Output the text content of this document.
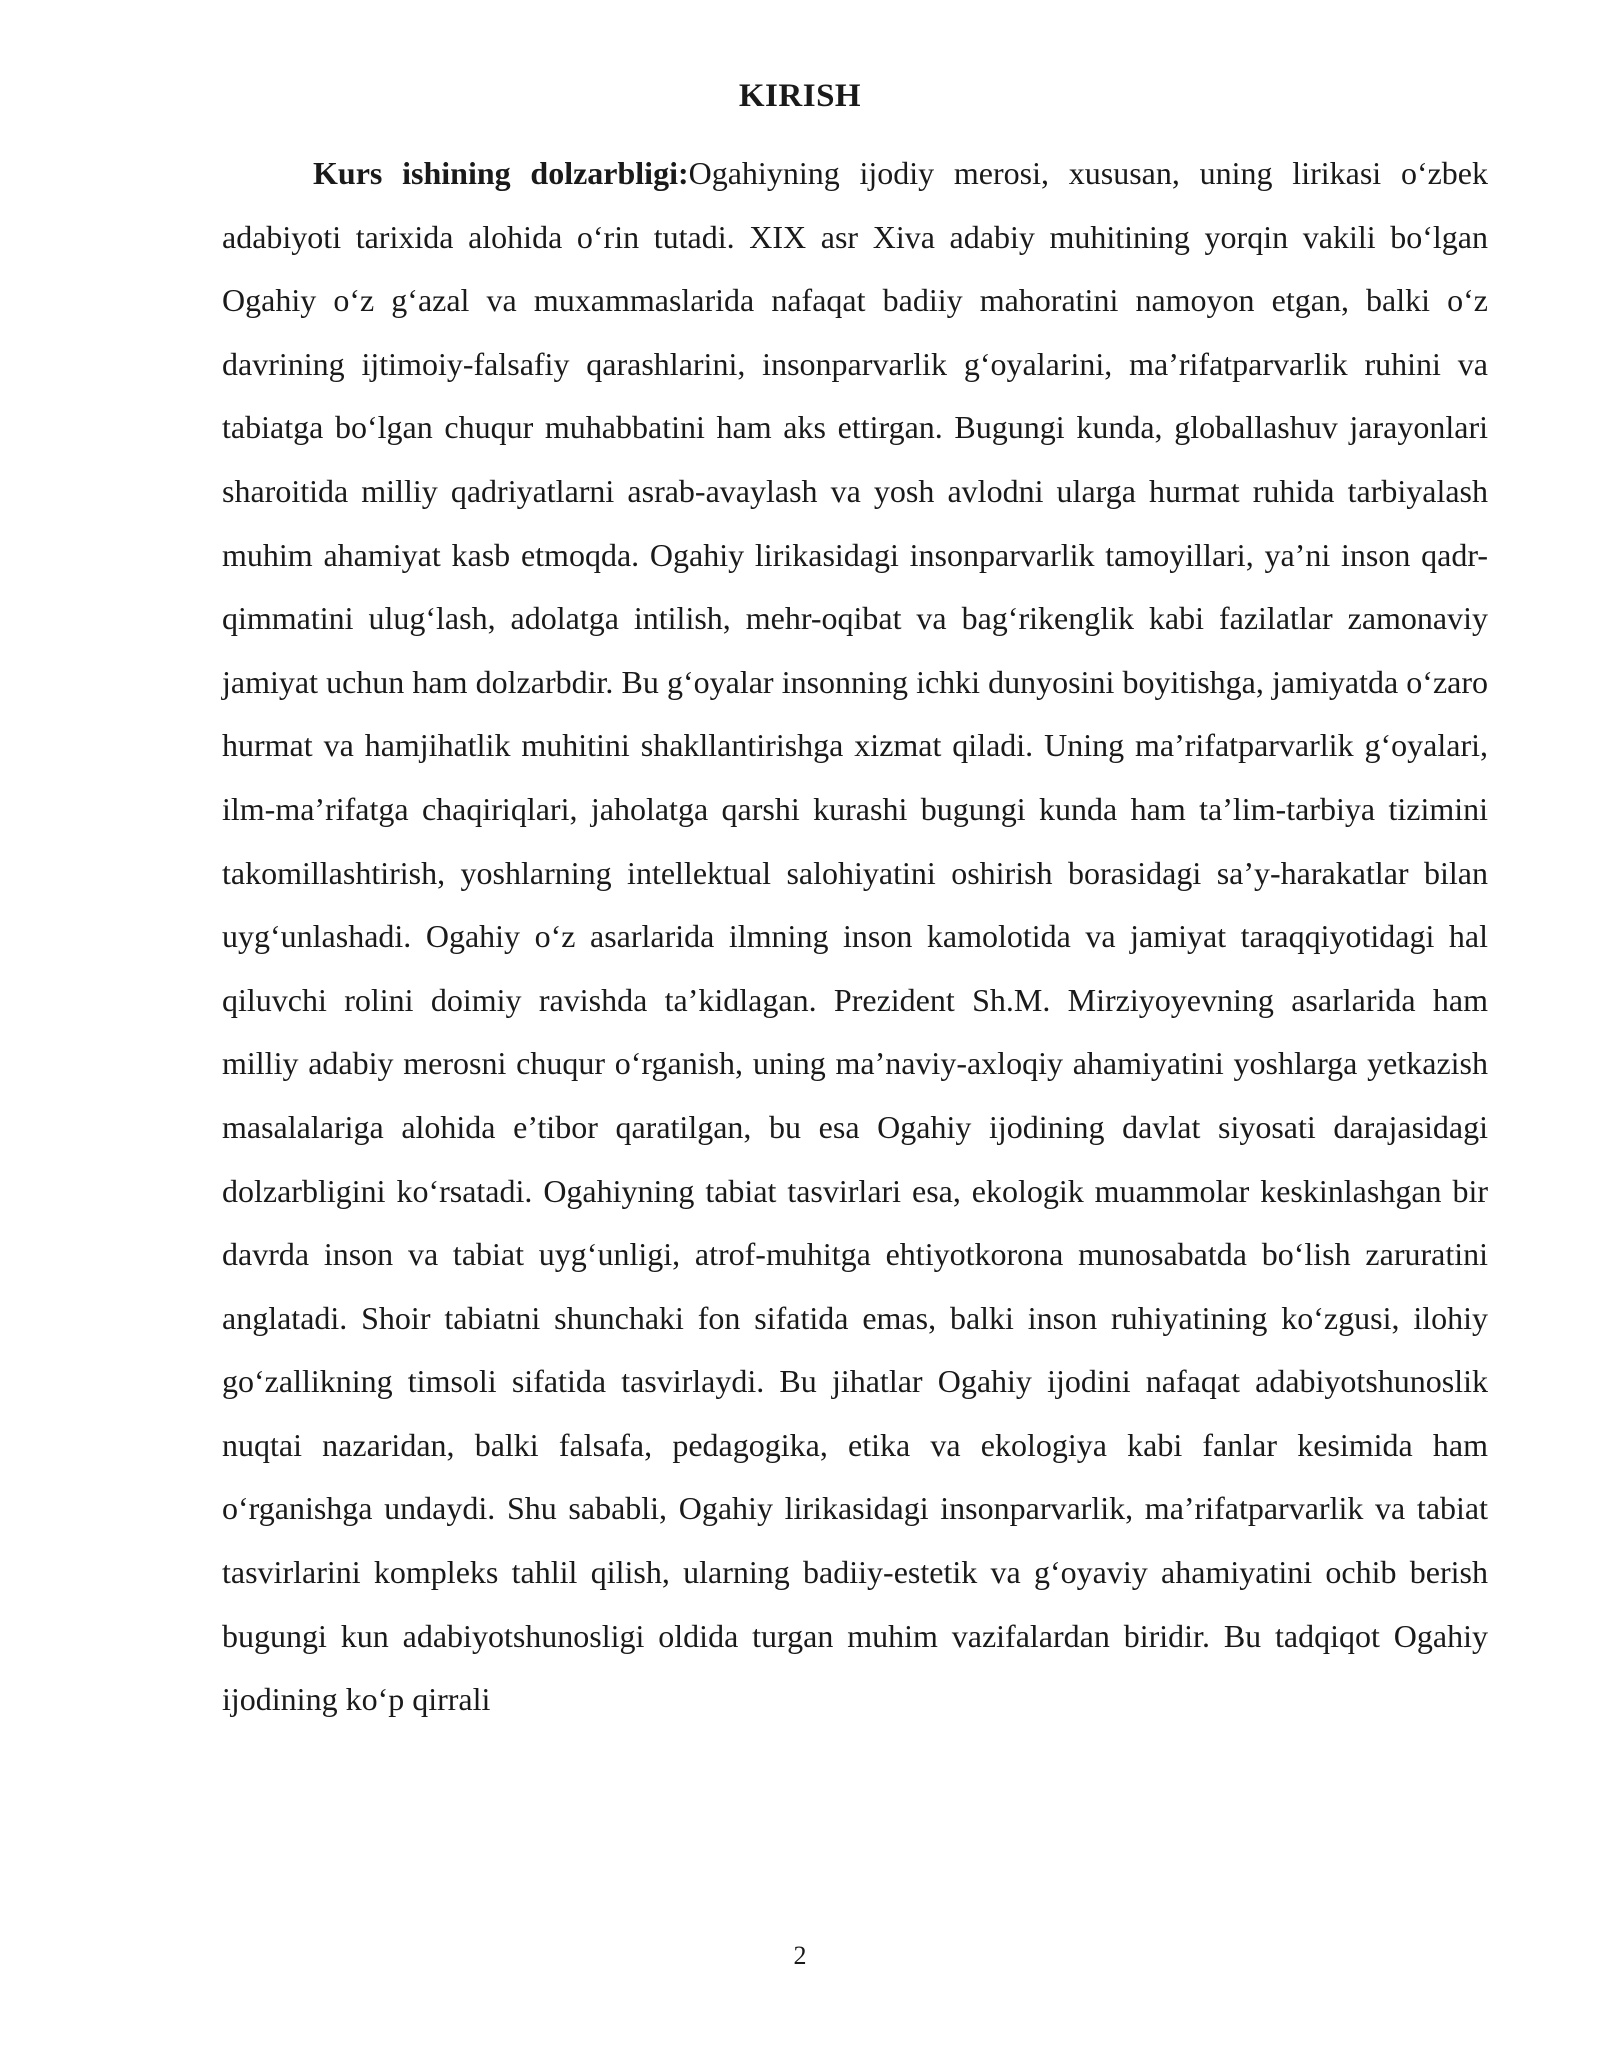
KIRISH

Kurs ishining dolzarbligi:Ogahiyning ijodiy merosi, xususan, uning lirikasi o‘zbek adabiyoti tarixida alohida o‘rin tutadi. XIX asr Xiva adabiy muhitining yorqin vakili bo‘lgan Ogahiy o‘z g‘azal va muxammaslarida nafaqat badiiy mahoratini namoyon etgan, balki o‘z davrining ijtimoiy-falsafiy qarashlarini, insonparvarlik g‘oyalarini, ma’rifatparvarlik ruhini va tabiatga bo‘lgan chuqur muhabbatini ham aks ettirgan. Bugungi kunda, globallashuv jarayonlari sharoitida milliy qadriyatlarni asrab-avaylash va yosh avlodni ularga hurmat ruhida tarbiyalash muhim ahamiyat kasb etmoqda. Ogahiy lirikasidagi insonparvarlik tamoyillari, ya’ni inson qadr-qimmatini ulug‘lash, adolatga intilish, mehr-oqibat va bag‘rikenglik kabi fazilatlar zamonaviy jamiyat uchun ham dolzarbdir. Bu g‘oyalar insonning ichki dunyosini boyitishga, jamiyatda o‘zaro hurmat va hamjihatlik muhitini shakllantirishga xizmat qiladi. Uning ma’rifatparvarlik g‘oyalari, ilm-ma’rifatga chaqiriqlari, jaholatga qarshi kurashi bugungi kunda ham ta’lim-tarbiya tizimini takomillashtirish, yoshlarning intellektual salohiyatini oshirish borasidagi sa’y-harakatlar bilan uyg‘unlashadi. Ogahiy o‘z asarlarida ilmning inson kamolotida va jamiyat taraqqiyotidagi hal qiluvchi rolini doimiy ravishda ta’kidlagan. Prezident Sh.M. Mirziyoyevning asarlarida ham milliy adabiy merosni chuqur o‘rganish, uning ma’naviy-axloqiy ahamiyatini yoshlarga yetkazish masalalariga alohida e’tibor qaratilgan, bu esa Ogahiy ijodining davlat siyosati darajasidagi dolzarbligini ko‘rsatadi. Ogahiyning tabiat tasvirlari esa, ekologik muammolar keskinlashgan bir davrda inson va tabiat uyg‘unligi, atrof-muhitga ehtiyotkorona munosabatda bo‘lish zaruratini anglatadi. Shoir tabiatni shunchaki fon sifatida emas, balki inson ruhiyatining ko‘zgusi, ilohiy go‘zallikning timsoli sifatida tasvirlaydi. Bu jihatlar Ogahiy ijodini nafaqat adabiyotshunoslik nuqtai nazaridan, balki falsafa, pedagogika, etika va ekologiya kabi fanlar kesimida ham o‘rganishga undaydi. Shu sababli, Ogahiy lirikasidagi insonparvarlik, ma’rifatparvarlik va tabiat tasvirlarini kompleks tahlil qilish, ularning badiiy-estetik va g‘oyaviy ahamiyatini ochib berish bugungi kun adabiyotshunosligi oldida turgan muhim vazifalardan biridir. Bu tadqiqot Ogahiy ijodining ko‘p qirrali

2
